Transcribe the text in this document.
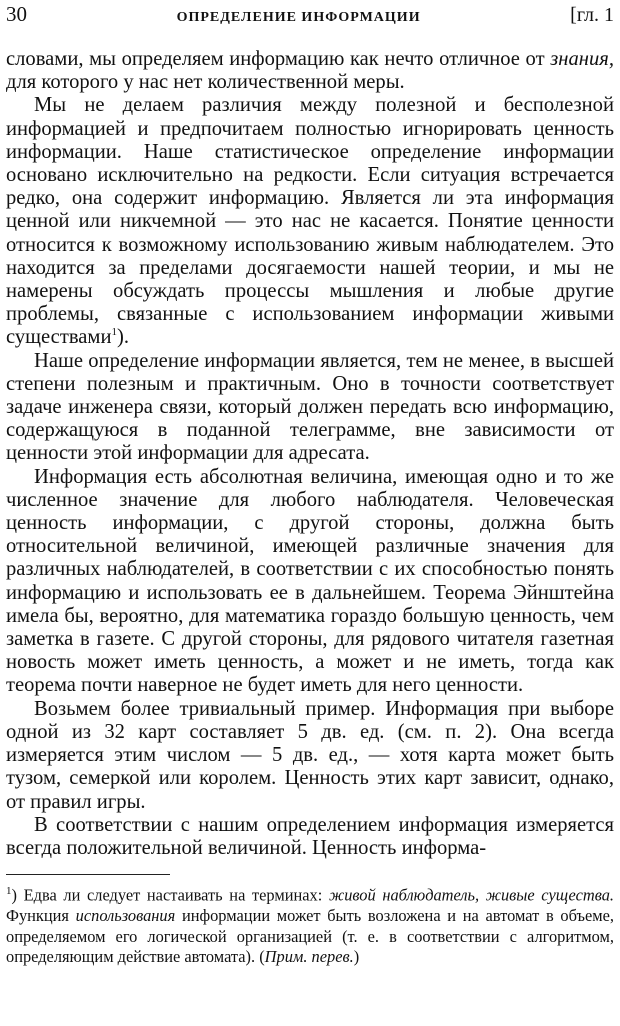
30	ОПРЕДЕЛЕНИЕ ИНФОРМАЦИИ	[гл. 1

словами, мы определяем информацию как нечто отличное от знания, для которого у нас нет количественной меры.

Мы не делаем различия между полезной и бесполезной информацией и предпочитаем полностью игнорировать ценность информации. Наше статистическое определение информации основано исключительно на редкости. Если ситуация встречается редко, она содержит информацию. Является ли эта информация ценной или никчемной — это нас не касается. Понятие ценности относится к возможному использованию живым наблюдателем. Это находится за пределами досягаемости нашей теории, и мы не намерены обсуждать процессы мышления и любые другие проблемы, связанные с использованием информации живыми существами$^1$).

Наше определение информации является, тем не менее, в высшей степени полезным и практичным. Оно в точности соответствует задаче инженера связи, который должен передать всю информацию, содержащуюся в поданной телеграмме, вне зависимости от ценности этой информации для адресата.

Информация есть абсолютная величина, имеющая одно и то же численное значение для любого наблюдателя. Человеческая ценность информации, с другой стороны, должна быть относительной величиной, имеющей различные значения для различных наблюдателей, в соответствии с их способностью понять информацию и использовать ее в дальнейшем. Теорема Эйнштейна имела бы, вероятно, для математика гораздо большую ценность, чем заметка в газете. С другой стороны, для рядового читателя газетная новость может иметь ценность, а может и не иметь, тогда как теорема почти наверное не будет иметь для него ценности.

Возьмем более тривиальный пример. Информация при выборе одной из 32 карт составляет 5 дв. ед. (см. п. 2). Она всегда измеряется этим числом — 5 дв. ед., — хотя карта может быть тузом, семеркой или королем. Ценность этих карт зависит, однако, от правил игры.

В соответствии с нашим определением информация измеряется всегда положительной величиной. Ценность информа-

$^1$) Едва ли следует настаивать на терминах: живой наблюдатель, живые существа. Функция использования информации может быть возложена и на автомат в объеме, определяемом его логической организацией (т. е. в соответствии с алгоритмом, определяющим действие автомата). (Прим. перев.)
